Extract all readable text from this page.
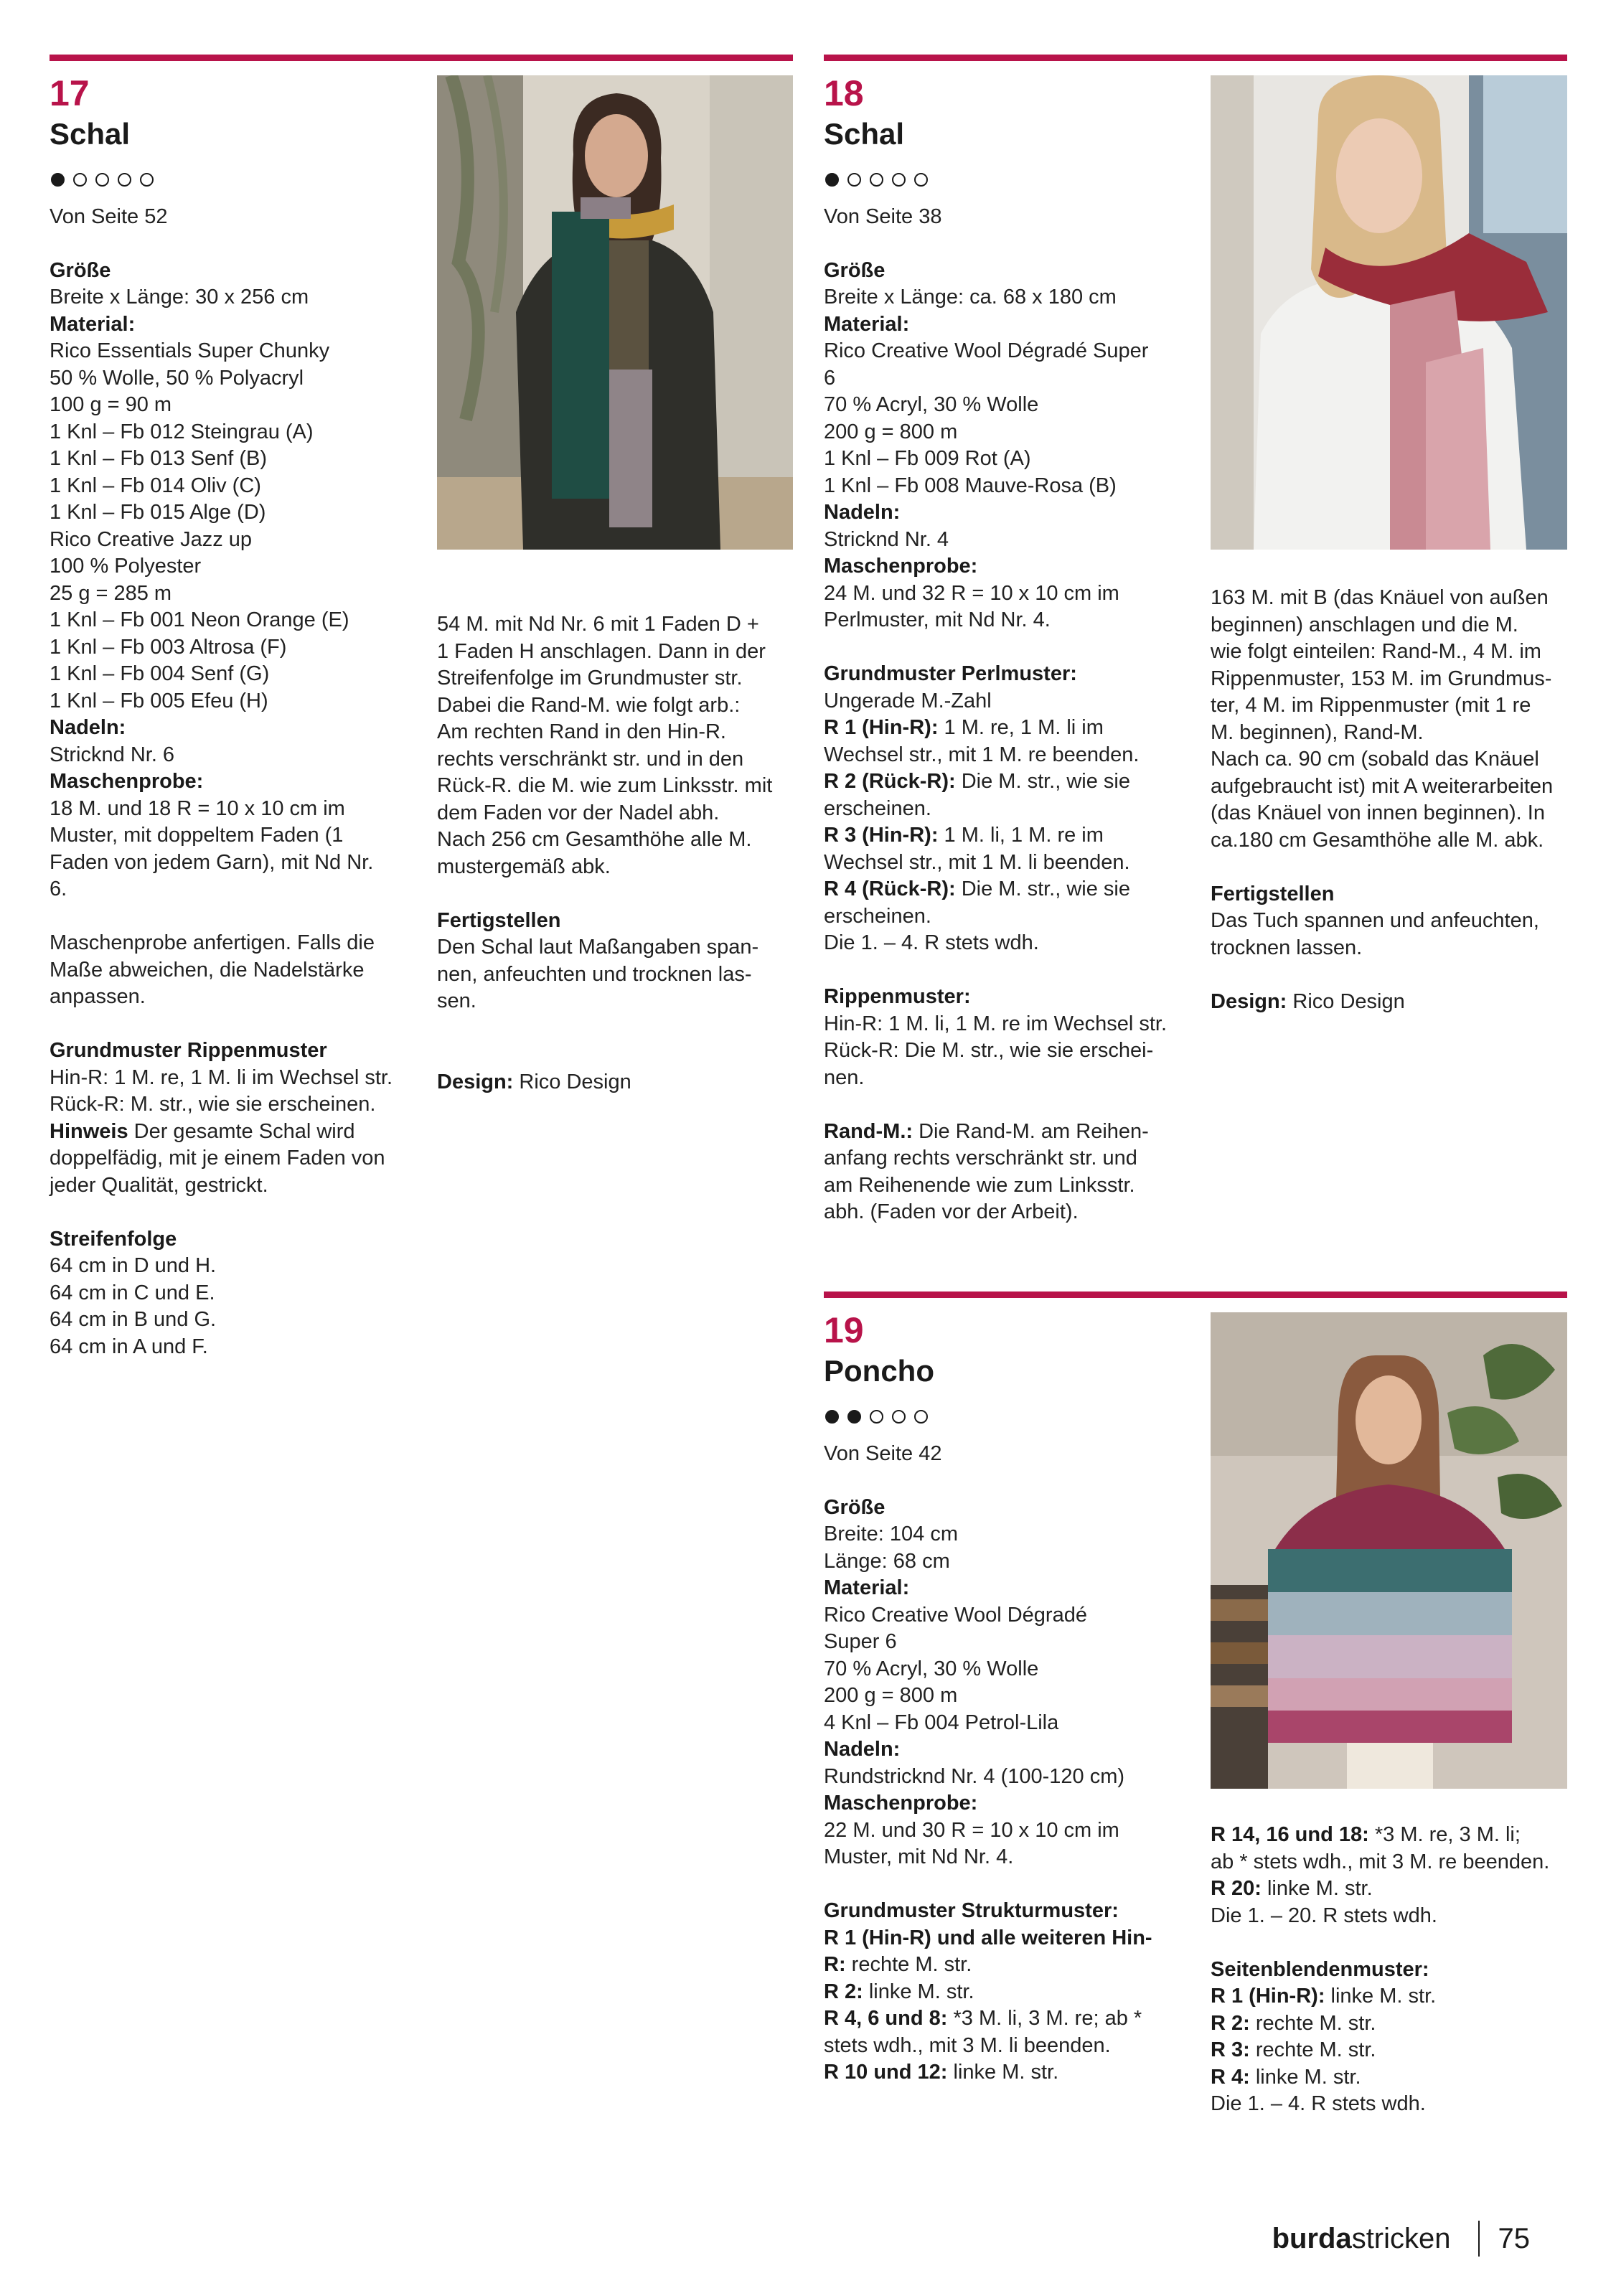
17
Schal
Von Seite 52

Größe
Breite x Länge: 30 x 256 cm
Material:
Rico Essentials Super Chunky
50 % Wolle, 50 % Polyacryl
100 g = 90 m
1 Knl – Fb 012 Steingrau (A)
1 Knl – Fb 013 Senf (B)
1 Knl – Fb 014 Oliv (C)
1 Knl – Fb 015 Alge (D)
Rico Creative Jazz up
100 % Polyester
25 g = 285 m
1 Knl – Fb 001 Neon Orange (E)
1 Knl – Fb 003 Altrosa (F)
1 Knl – Fb 004 Senf (G)
1 Knl – Fb 005 Efeu (H)
Nadeln:
Stricknd Nr. 6
Maschenprobe:
18 M. und 18 R = 10 x 10 cm im
Muster, mit doppeltem Faden (1
Faden von jedem Garn), mit Nd Nr.
6.
Maschenprobe anfertigen. Falls die
Maße abweichen, die Nadelstärke
anpassen.
Grundmuster Rippenmuster
Hin-R: 1 M. re, 1 M. li im Wechsel str.
Rück-R: M. str., wie sie erscheinen.
Hinweis Der gesamte Schal wird
doppelfädig, mit je einem Faden von
jeder Qualität, gestrickt.
Streifenfolge
64 cm in D und H.
64 cm in C und E.
64 cm in B und G.
64 cm in A und F.
54 M. mit Nd Nr. 6 mit 1 Faden D +
1 Faden H anschlagen. Dann in der
Streifenfolge im Grundmuster str.
Dabei die Rand-M. wie folgt arb.:
Am rechten Rand in den Hin-R.
rechts verschränkt str. und in den
Rück-R. die M. wie zum Linksstr. mit
dem Faden vor der Nadel abh.
Nach 256 cm Gesamthöhe alle M.
mustergemäß abk.
Fertigstellen
Den Schal laut Maßangaben span-
nen, anfeuchten und trocknen las-
sen.
Design: Rico Design
18
Schal
Von Seite 38

Größe
Breite x Länge: ca. 68 x 180 cm
Material:
Rico Creative Wool Dégradé Super
6
70 % Acryl, 30 % Wolle
200 g = 800 m
1 Knl – Fb 009 Rot (A)
1 Knl – Fb 008 Mauve-Rosa (B)
Nadeln:
Stricknd Nr. 4
Maschenprobe:
24 M. und 32 R = 10 x 10 cm im
Perlmuster, mit Nd Nr. 4.
Grundmuster Perlmuster:
Ungerade M.-Zahl
R 1 (Hin-R): 1 M. re, 1 M. li im
Wechsel str., mit 1 M. re beenden.
R 2 (Rück-R): Die M. str., wie sie
erscheinen.
R 3 (Hin-R): 1 M. li, 1 M. re im
Wechsel str., mit 1 M. li beenden.
R 4 (Rück-R): Die M. str., wie sie
erscheinen.
Die 1. – 4. R stets wdh.
Rippenmuster:
Hin-R: 1 M. li, 1 M. re im Wechsel str.
Rück-R: Die M. str., wie sie erschei-
nen.
Rand-M.: Die Rand-M. am Reihen-
anfang rechts verschränkt str. und
am Reihenende wie zum Linksstr.
abh. (Faden vor der Arbeit).
163 M. mit B (das Knäuel von außen
beginnen) anschlagen und die M.
wie folgt einteilen: Rand-M., 4 M. im
Rippenmuster, 153 M. im Grundmus-
ter, 4 M. im Rippenmuster (mit 1 re
M. beginnen), Rand-M.
Nach ca. 90 cm (sobald das Knäuel
aufgebraucht ist) mit A weiterarbeiten
(das Knäuel von innen beginnen). In
ca.180 cm Gesamthöhe alle M. abk.
Fertigstellen
Das Tuch spannen und anfeuchten,
trocknen lassen.
Design: Rico Design
19
Poncho
Von Seite 42

Größe
Breite: 104 cm
Länge: 68 cm
Material:
Rico Creative Wool Dégradé
Super 6
70 % Acryl, 30 % Wolle
200 g = 800 m
4 Knl – Fb 004 Petrol-Lila
Nadeln:
Rundstricknd Nr. 4 (100-120 cm)
Maschenprobe:
22 M. und 30 R = 10 x 10 cm im
Muster, mit Nd Nr. 4.
Grundmuster Strukturmuster:
R 1 (Hin-R) und alle weiteren Hin-
R: rechte M. str.
R 2: linke M. str.
R 4, 6 und 8: *3 M. li, 3 M. re; ab *
stets wdh., mit 3 M. li beenden.
R 10 und 12: linke M. str.
R 14, 16 und 18: *3 M. re, 3 M. li;
ab * stets wdh., mit 3 M. re beenden.
R 20: linke M. str.
Die 1. – 20. R stets wdh.
Seitenblendenmuster:
R 1 (Hin-R): linke M. str.
R 2: rechte M. str.
R 3: rechte M. str.
R 4: linke M. str.
Die 1. – 4. R stets wdh.
burda stricken 75
